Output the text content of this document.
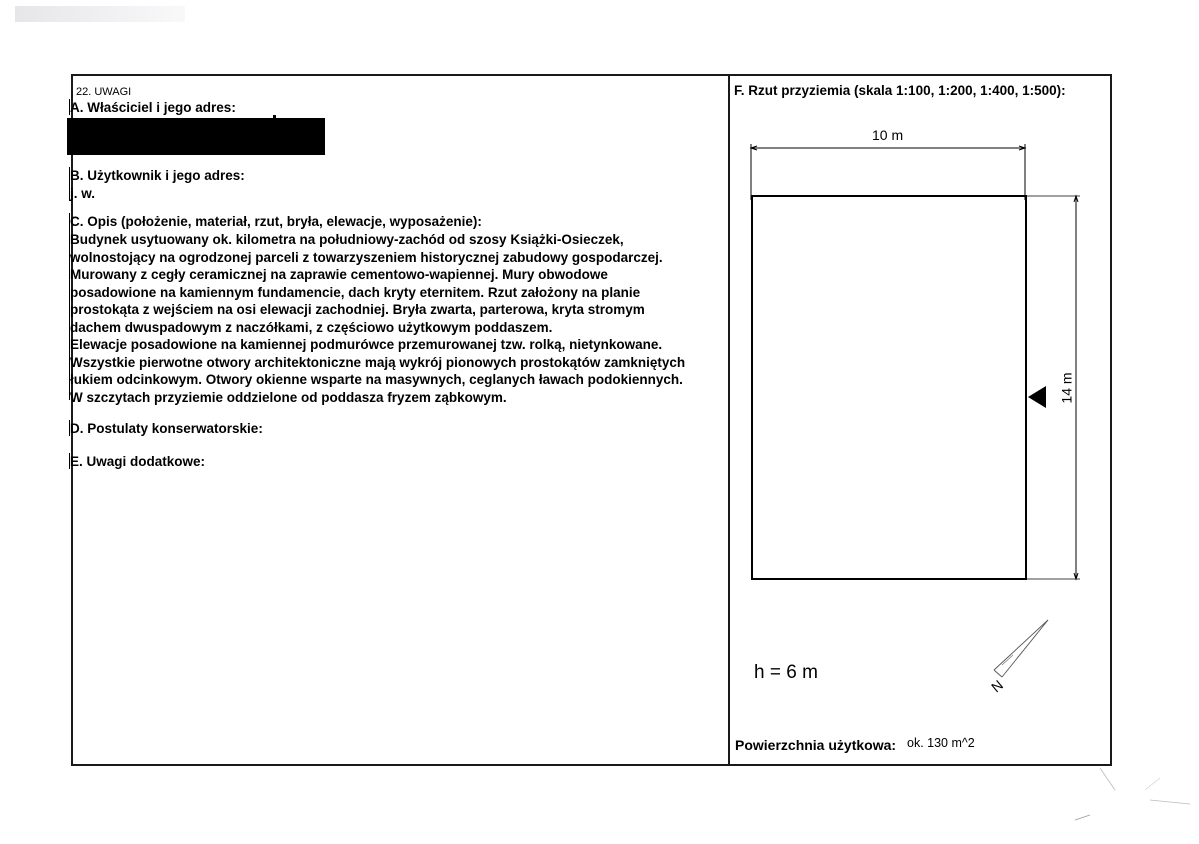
22. UWAGI
A. Właściciel i jego adres:
B. Użytkownik i jego adres:
j. w.
C. Opis (położenie, materiał, rzut, bryła, elewacje, wyposażenie):
Budynek usytuowany ok. kilometra na południowy-zachód od szosy Książki-Osieczek,
wolnostojący na ogrodzonej parceli z towarzyszeniem historycznej zabudowy gospodarczej.
Murowany z cegły ceramicznej na zaprawie cementowo-wapiennej. Mury obwodowe
posadowione na kamiennym fundamencie, dach kryty eternitem. Rzut założony na planie
prostokąta z wejściem na osi elewacji zachodniej. Bryła zwarta, parterowa, kryta stromym
dachem dwuspadowym z naczółkami, z częściowo użytkowym poddaszem.
Elewacje posadowione na kamiennej podmurówce przemurowanej tzw. rolką, nietynkowane.
Wszystkie pierwotne otwory architektoniczne mają wykrój pionowych prostokątów zamkniętych
łukiem odcinkowym. Otwory okienne wsparte na masywnych, ceglanych ławach podokiennych.
W szczytach przyziemie oddzielone od poddasza fryzem ząbkowym.
D. Postulaty konserwatorskie:
E. Uwagi dodatkowe:
F. Rzut przyziemia (skala 1:100, 1:200, 1:400, 1:500):
10 m
14 m
h = 6 m
N
Powierzchnia użytkowa: ok. 130 m^2
